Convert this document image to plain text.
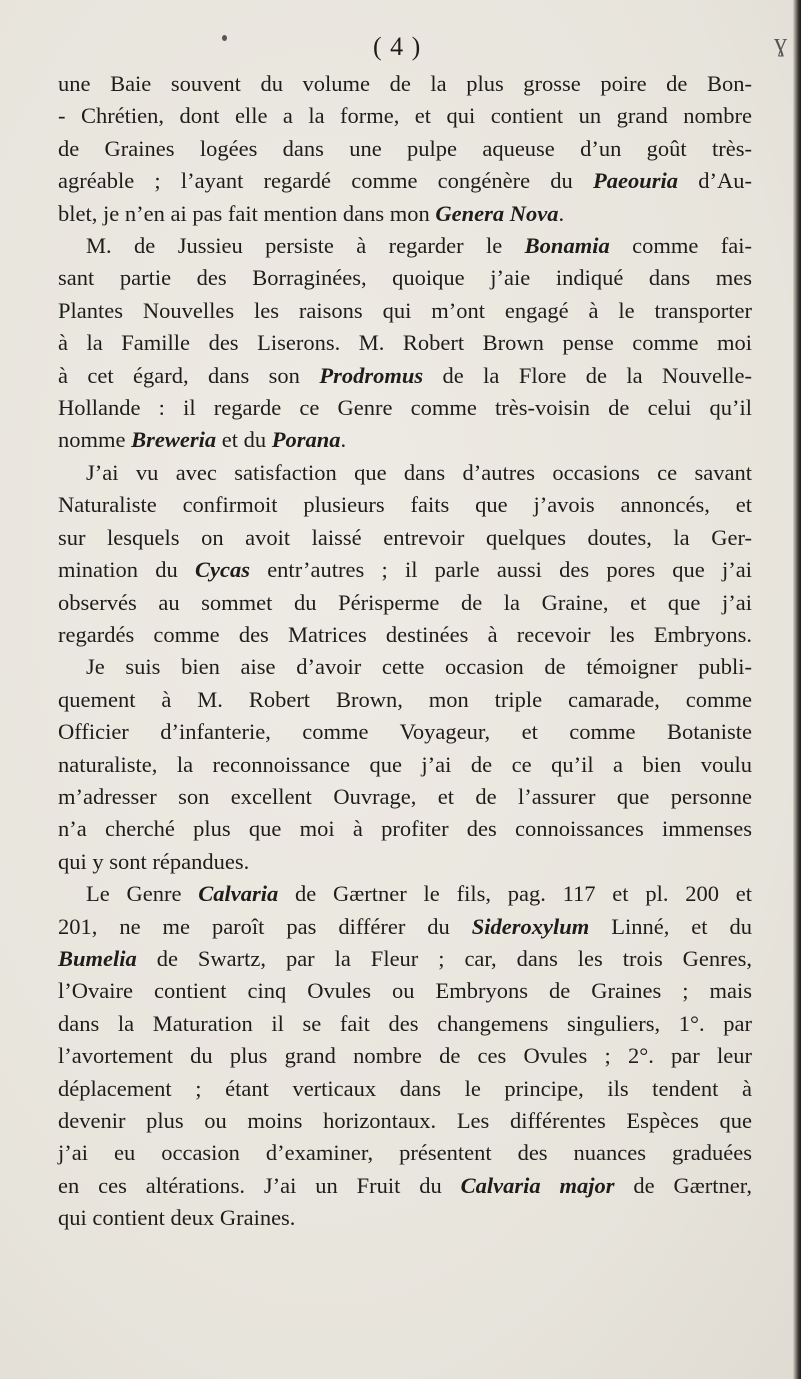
( 4 )	ɣ
une Baie souvent du volume de la plus grosse poire de Bon-
- Chrétien, dont elle a la forme, et qui contient un grand nombre
de Graines logées dans une pulpe aqueuse d’un goût très-
agréable ; l’ayant regardé comme congénère du Paeouria d’Au-
blet, je n’en ai pas fait mention dans mon Genera Nova.
M. de Jussieu persiste à regarder le Bonamia comme fai-
sant partie des Borraginées, quoique j’aie indiqué dans mes
Plantes Nouvelles les raisons qui m’ont engagé à le transporter
à la Famille des Liserons. M. Robert Brown pense comme moi
à cet égard, dans son Prodromus de la Flore de la Nouvelle-
Hollande : il regarde ce Genre comme très-voisin de celui qu’il
nomme Breweria et du Porana.
J’ai vu avec satisfaction que dans d’autres occasions ce savant
Naturaliste confirmoit plusieurs faits que j’avois annoncés, et
sur lesquels on avoit laissé entrevoir quelques doutes, la Ger-
mination du Cycas entr’autres ; il parle aussi des pores que j’ai
observés au sommet du Périsperme de la Graine, et que j’ai
regardés comme des Matrices destinées à recevoir les Embryons.
Je suis bien aise d’avoir cette occasion de témoigner publi-
quement à M. Robert Brown, mon triple camarade, comme
Officier d’infanterie, comme Voyageur, et comme Botaniste
naturaliste, la reconnoissance que j’ai de ce qu’il a bien voulu
m’adresser son excellent Ouvrage, et de l’assurer que personne
n’a cherché plus que moi à profiter des connoissances immenses
qui y sont répandues.
Le Genre Calvaria de Gærtner le fils, pag. 117 et pl. 200 et
201, ne me paroît pas différer du Sideroxylum Linné, et du
Bumelia de Swartz, par la Fleur ; car, dans les trois Genres,
l’Ovaire contient cinq Ovules ou Embryons de Graines ; mais
dans la Maturation il se fait des changemens singuliers, 1°. par
l’avortement du plus grand nombre de ces Ovules ; 2°. par leur
déplacement ; étant verticaux dans le principe, ils tendent à
devenir plus ou moins horizontaux. Les différentes Espèces que
j’ai eu occasion d’examiner, présentent des nuances graduées
en ces altérations. J’ai un Fruit du Calvaria major de Gærtner,
qui contient deux Graines.
